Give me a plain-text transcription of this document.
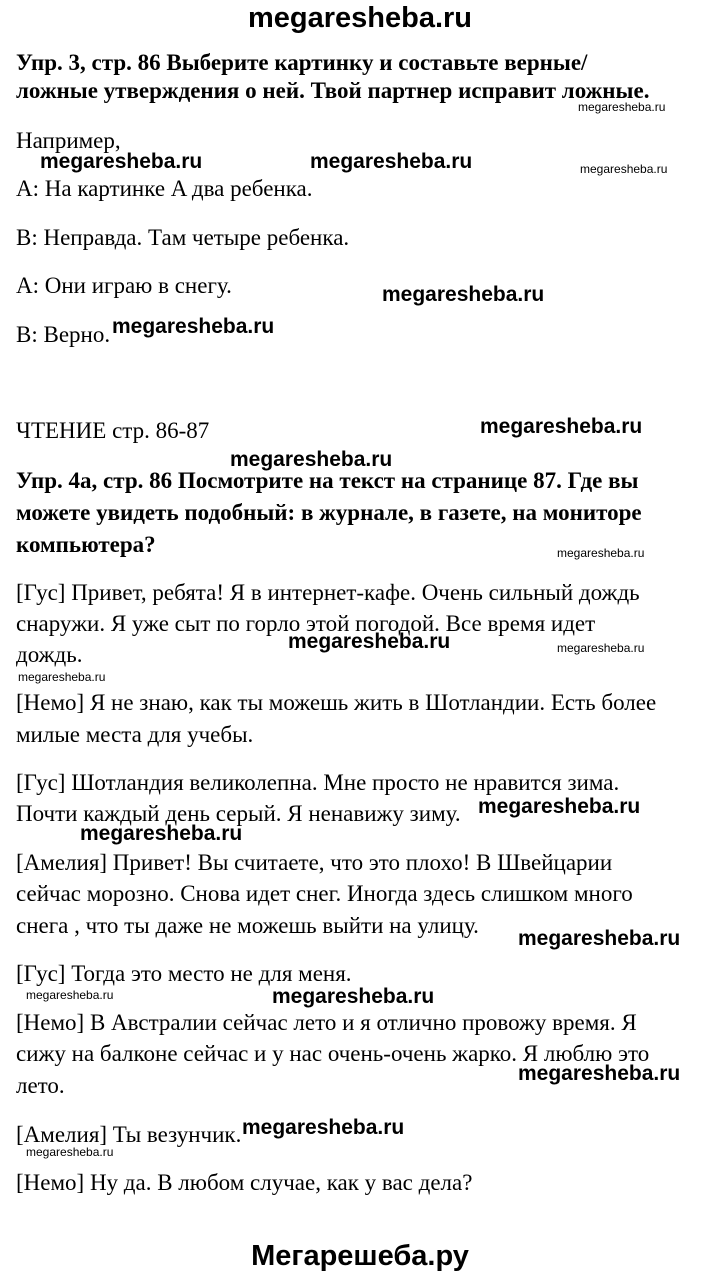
megaresheba.ru
Упр. 3, стр. 86 Выберите картинку и составьте верные/
ложные утверждения о ней. Твой партнер исправит ложные.
Например,
A: На картинке A два ребенка.
B: Неправда. Там четыре ребенка.
A: Они играю в снегу.
B: Верно.
ЧТЕНИЕ стр. 86-87
Упр. 4а, стр. 86 Посмотрите на текст на странице 87. Где вы
можете увидеть подобный: в журнале, в газете, на мониторе
компьютера?
[Гус] Привет, ребята! Я в интернет-кафе. Очень сильный дождь
снаружи. Я уже сыт по горло этой погодой. Все время идет
дождь.
[Немо] Я не знаю, как ты можешь жить в Шотландии. Есть более
милые места для учебы.
[Гус] Шотландия великолепна. Мне просто не нравится зима.
Почти каждый день серый. Я ненавижу зиму.
[Амелия] Привет! Вы считаете, что это плохо! В Швейцарии
сейчас морозно. Снова идет снег. Иногда здесь слишком много
снега , что ты даже не можешь выйти на улицу.
[Гус] Тогда это место не для меня.
[Немо] В Австралии сейчас лето и я отлично провожу время. Я
сижу на балконе сейчас и у нас очень-очень жарко. Я люблю это
лето.
[Амелия] Ты везунчик.
[Немо] Ну да. В любом случае, как у вас дела?
megaresheba.ru
megaresheba.ru	megaresheba.ru	megaresheba.ru
megaresheba.ru
megaresheba.ru
megaresheba.ru
megaresheba.ru
megaresheba.ru
megaresheba.ru	megaresheba.ru
megaresheba.ru
megaresheba.ru
megaresheba.ru
megaresheba.ru
megaresheba.ru
megaresheba.ru
megaresheba.ru
megaresheba.ru
megaresheba.ru
Мегарешеба.ру
